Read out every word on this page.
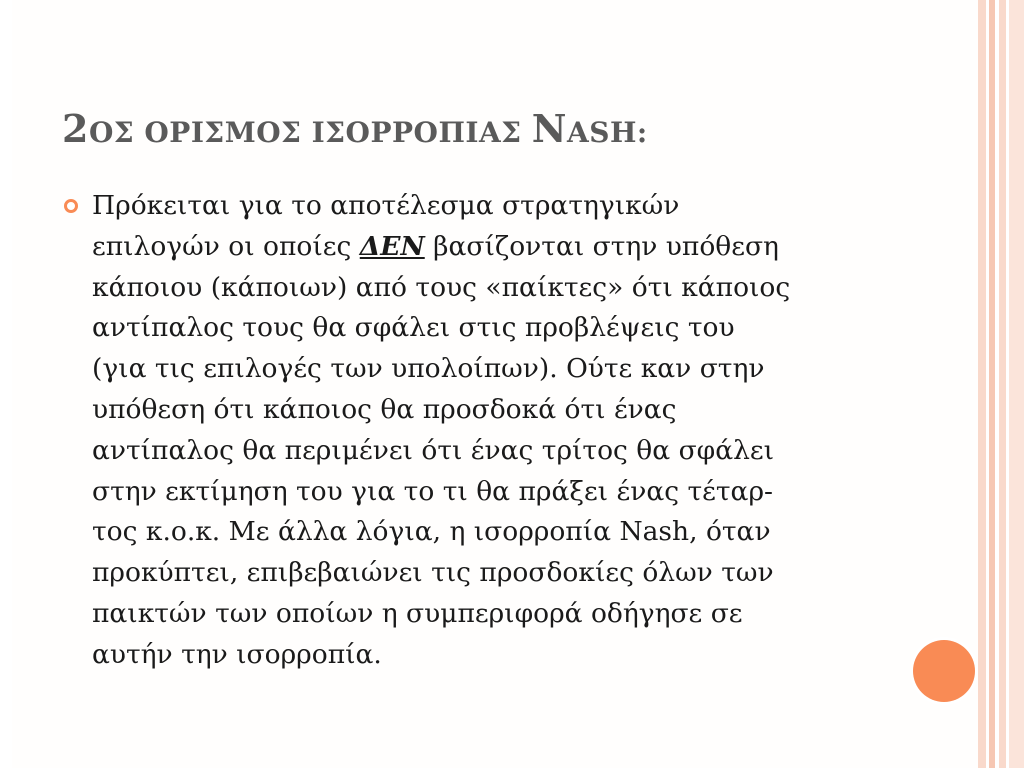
2ΟΣ ΟΡΙΣΜΟΣ ΙΣΟΡΡΟΠΙΑΣ NASH:

Πρόκειται για το αποτέλεσμα στρατηγικών
επιλογών οι οποίες ΔΕΝ βασίζονται στην υπόθεση
κάποιου (κάποιων) από τους «παίκτες» ότι κάποιος
αντίπαλος τους θα σφάλει στις προβλέψεις του
(για τις επιλογές των υπολοίπων). Ούτε καν στην
υπόθεση ότι κάποιος θα προσδοκά ότι ένας
αντίπαλος θα περιμένει ότι ένας τρίτος θα σφάλει
στην εκτίμηση του για το τι θα πράξει ένας τέταρ-
τος κ.ο.κ. Με άλλα λόγια, η ισορροπία Nash, όταν
προκύπτει, επιβεβαιώνει τις προσδοκίες όλων των
παικτών των οποίων η συμπεριφορά οδήγησε σε
αυτήν την ισορροπία.
